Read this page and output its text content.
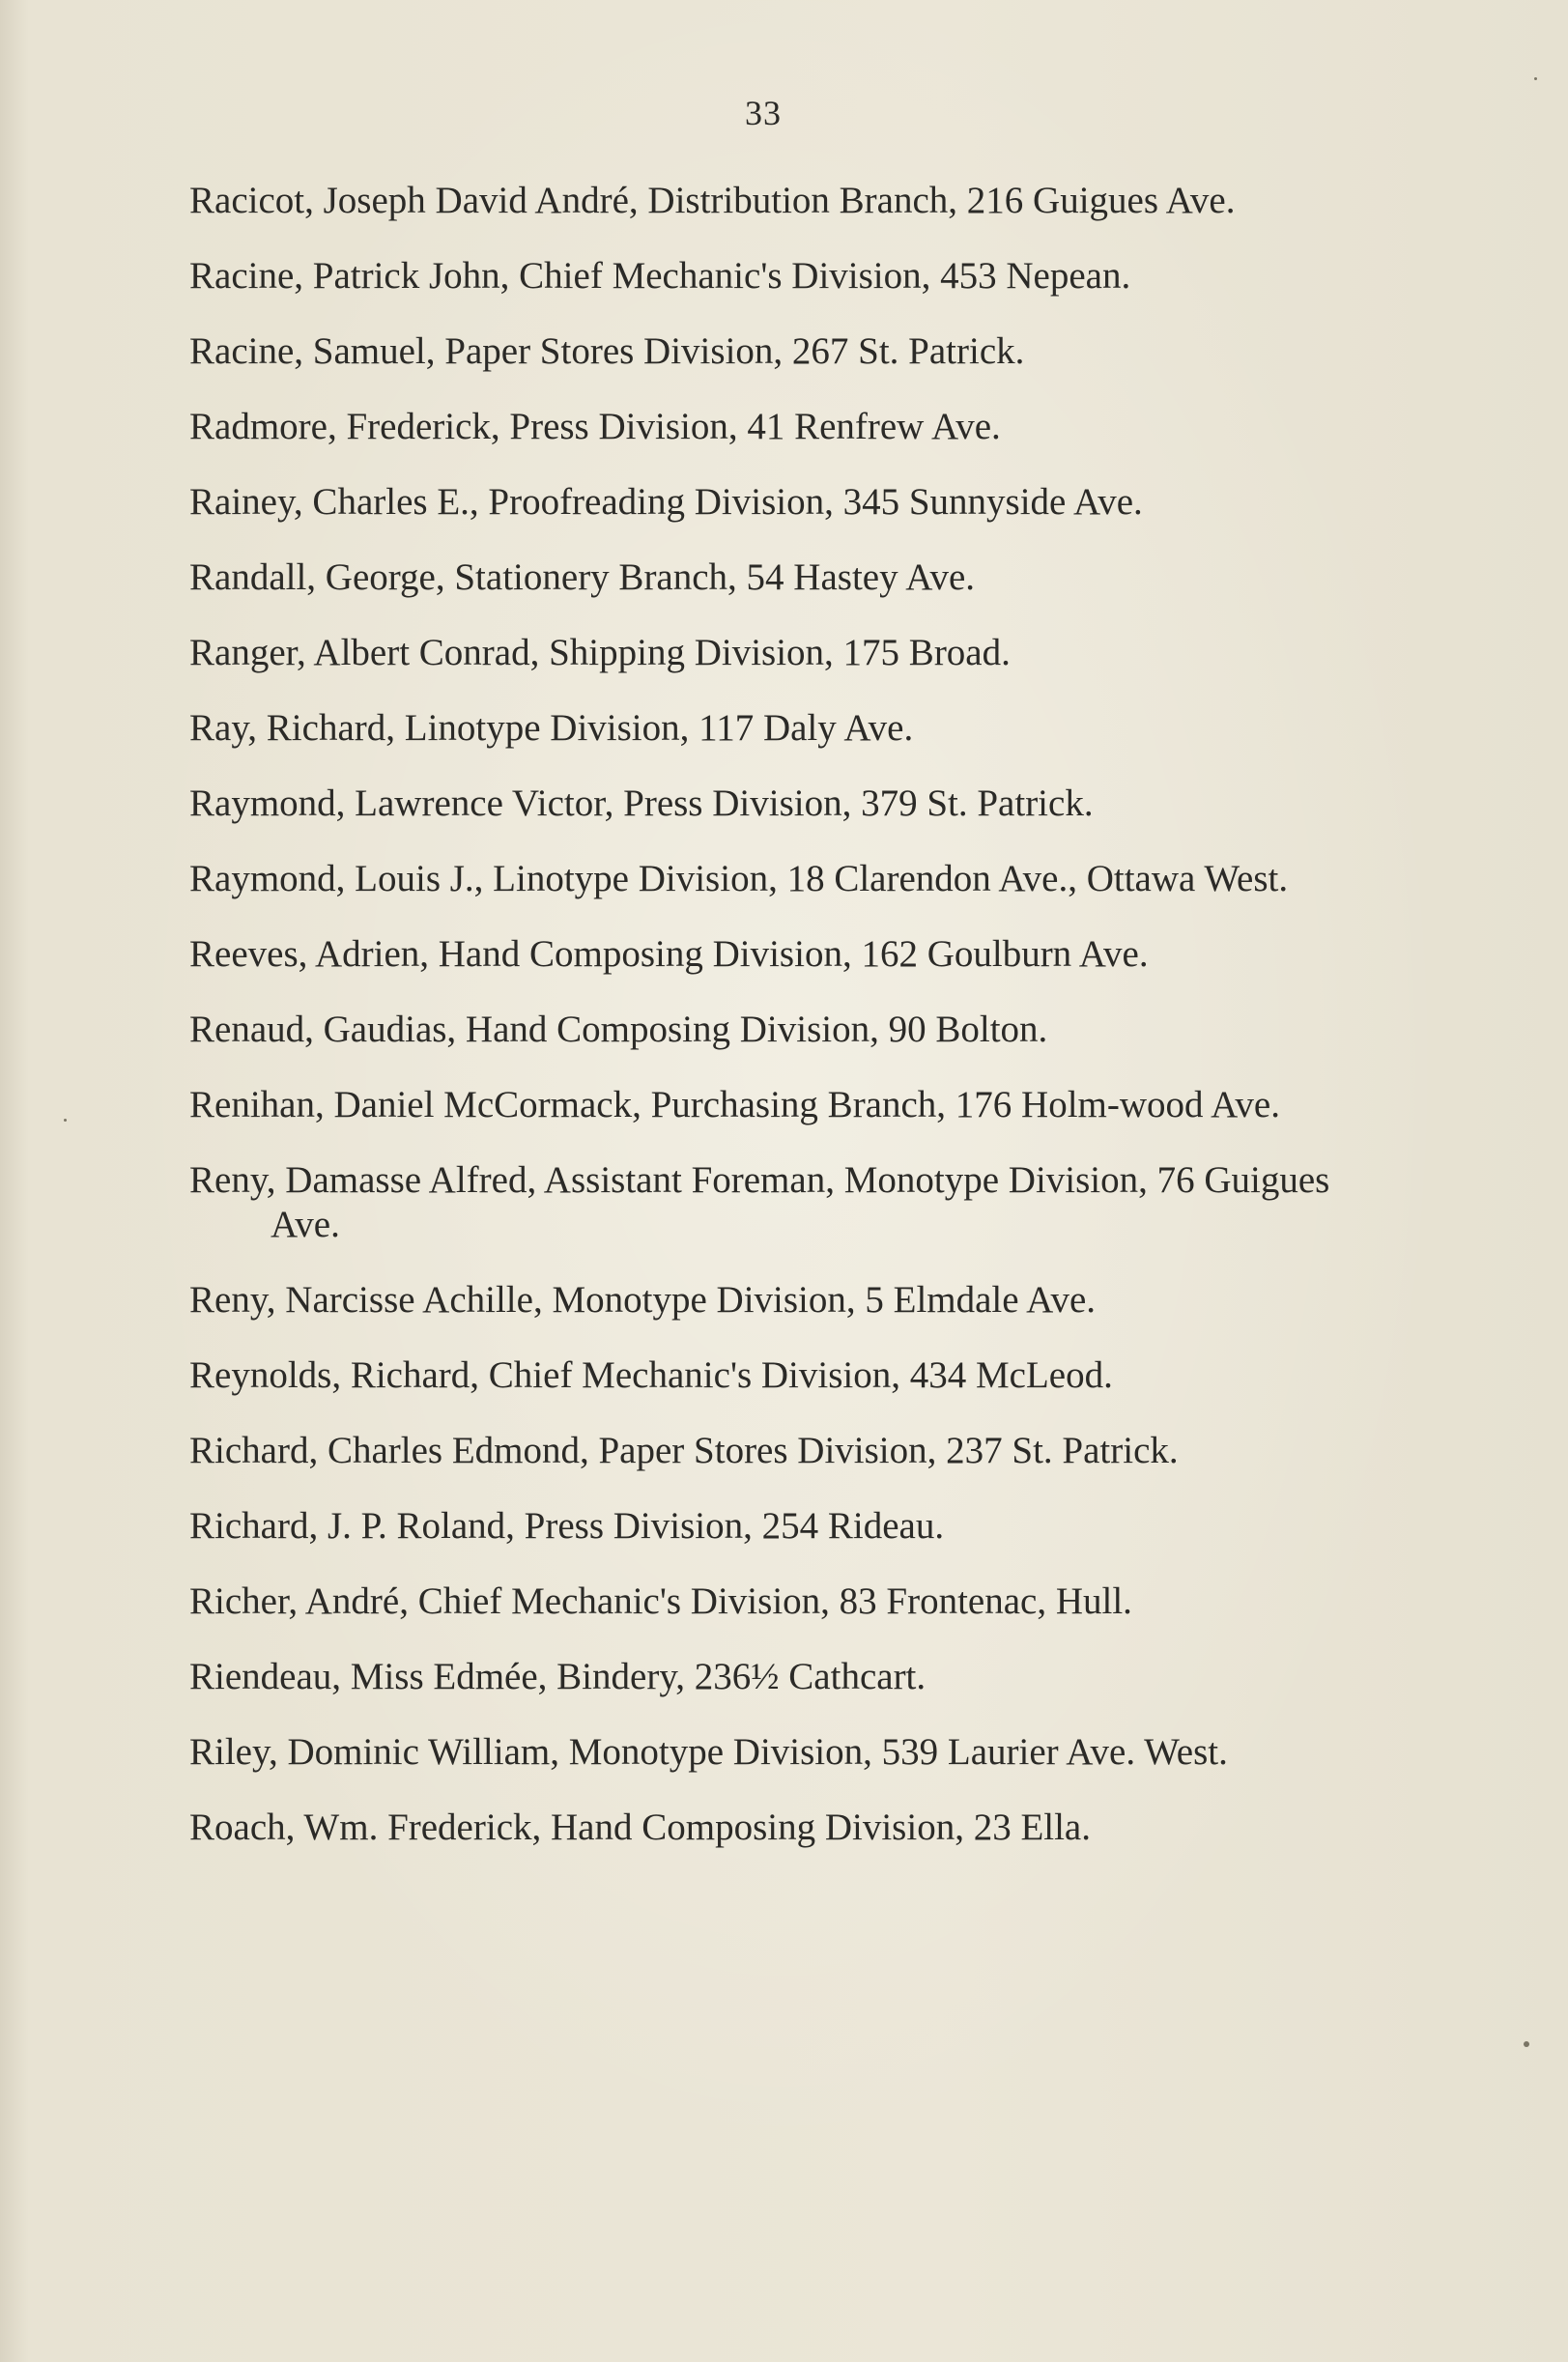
33
Racicot, Joseph David André, Distribution Branch, 216 Guigues Ave.
Racine, Patrick John, Chief Mechanic's Division, 453 Nepean.
Racine, Samuel, Paper Stores Division, 267 St. Patrick.
Radmore, Frederick, Press Division, 41 Renfrew Ave.
Rainey, Charles E., Proofreading Division, 345 Sunnyside Ave.
Randall, George, Stationery Branch, 54 Hastey Ave.
Ranger, Albert Conrad, Shipping Division, 175 Broad.
Ray, Richard, Linotype Division, 117 Daly Ave.
Raymond, Lawrence Victor, Press Division, 379 St. Patrick.
Raymond, Louis J., Linotype Division, 18 Clarendon Ave., Ottawa West.
Reeves, Adrien, Hand Composing Division, 162 Goulburn Ave.
Renaud, Gaudias, Hand Composing Division, 90 Bolton.
Renihan, Daniel McCormack, Purchasing Branch, 176 Holm-wood Ave.
Reny, Damasse Alfred, Assistant Foreman, Monotype Division, 76 Guigues Ave.
Reny, Narcisse Achille, Monotype Division, 5 Elmdale Ave.
Reynolds, Richard, Chief Mechanic's Division, 434 McLeod.
Richard, Charles Edmond, Paper Stores Division, 237 St. Patrick.
Richard, J. P. Roland, Press Division, 254 Rideau.
Richer, André, Chief Mechanic's Division, 83 Frontenac, Hull.
Riendeau, Miss Edmée, Bindery, 236½ Cathcart.
Riley, Dominic William, Monotype Division, 539 Laurier Ave. West.
Roach, Wm. Frederick, Hand Composing Division, 23 Ella.
